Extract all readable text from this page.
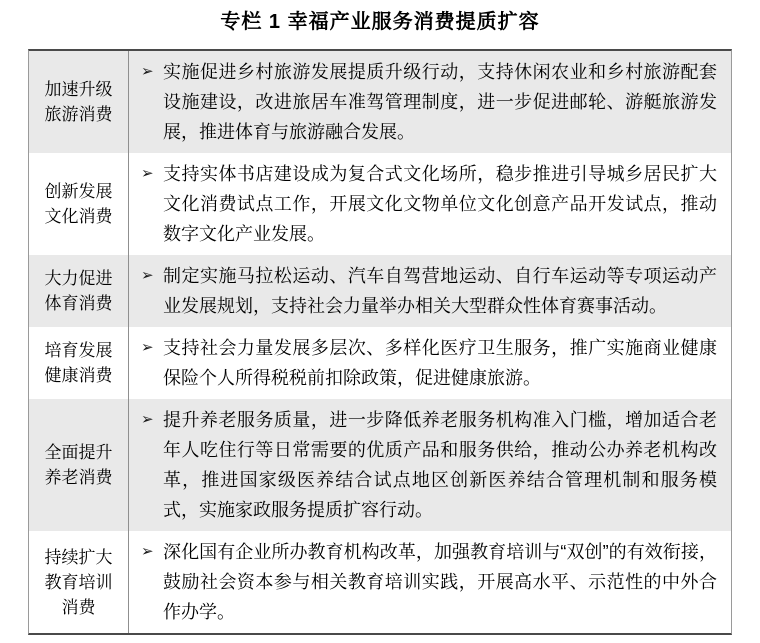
专栏 1 幸福产业服务消费提质扩容
加速升级旅游消费
➢ 实施促进乡村旅游发展提质升级行动，支持休闲农业和乡村旅游配套设施建设，改进旅居车准驾管理制度，进一步促进邮轮、游艇旅游发展，推进体育与旅游融合发展。
创新发展文化消费
➢ 支持实体书店建设成为复合式文化场所，稳步推进引导城乡居民扩大文化消费试点工作，开展文化文物单位文化创意产品开发试点，推动数字文化产业发展。
大力促进体育消费
➢ 制定实施马拉松运动、汽车自驾营地运动、自行车运动等专项运动产业发展规划，支持社会力量举办相关大型群众性体育赛事活动。
培育发展健康消费
➢ 支持社会力量发展多层次、多样化医疗卫生服务，推广实施商业健康保险个人所得税税前扣除政策，促进健康旅游。
全面提升养老消费
➢ 提升养老服务质量，进一步降低养老服务机构准入门槛，增加适合老年人吃住行等日常需要的优质产品和服务供给，推动公办养老机构改革，推进国家级医养结合试点地区创新医养结合管理机制和服务模式，实施家政服务提质扩容行动。
持续扩大教育培训消费
➢ 深化国有企业所办教育机构改革，加强教育培训与“双创”的有效衔接，鼓励社会资本参与相关教育培训实践，开展高水平、示范性的中外合作办学。
